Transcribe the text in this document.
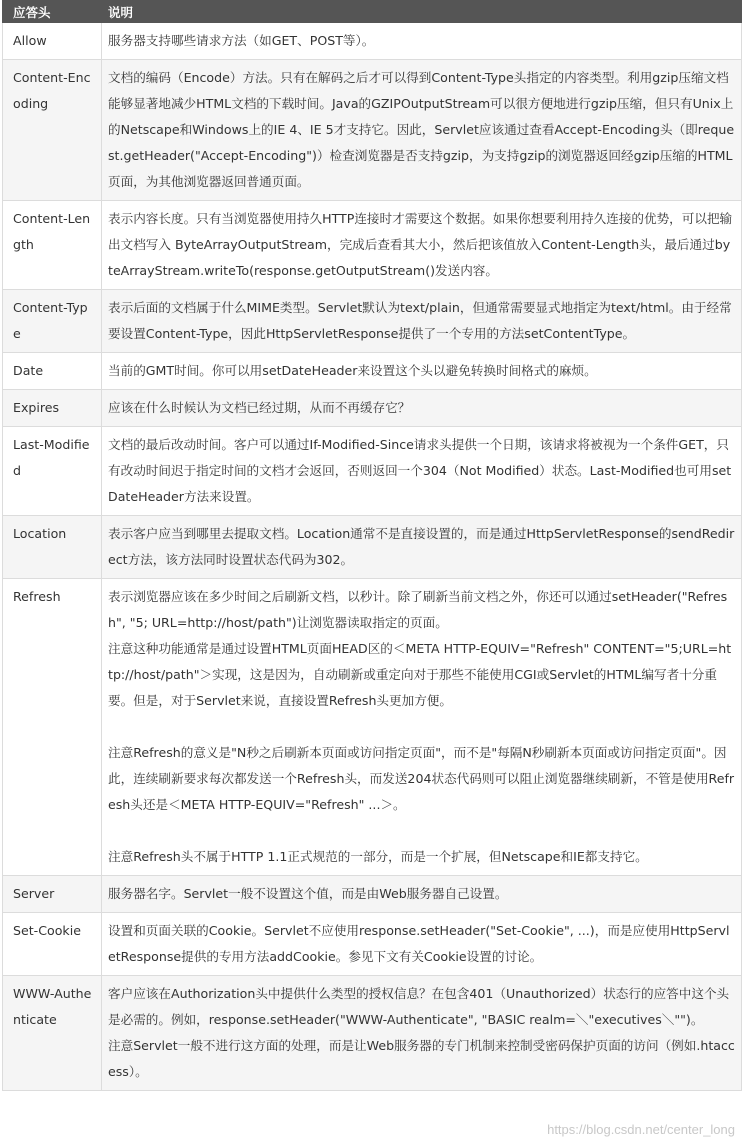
应答头	说明
Allow	服务器支持哪些请求方法（如GET、POST等）。

Content-Encoding	文档的编码（Encode）方法。只有在解码之后才可以得到Content-Type头指定的内容类型。利用gzip压缩文档能够显著地减少HTML文档的下载时间。Java的GZIPOutputStream可以很方便地进行gzip压缩，但只有Unix上的Netscape和Windows上的IE 4、IE 5才支持它。因此，Servlet应该通过查看Accept-Encoding头（即request.getHeader("Accept-Encoding")）检查浏览器是否支持gzip，为支持gzip的浏览器返回经gzip压缩的HTML页面，为其他浏览器返回普通页面。

Content-Length	表示内容长度。只有当浏览器使用持久HTTP连接时才需要这个数据。如果你想要利用持久连接的优势，可以把输出文档写入 ByteArrayOutputStream，完成后查看其大小，然后把该值放入Content-Length头，最后通过byteArrayStream.writeTo(response.getOutputStream()发送内容。

Content-Type	表示后面的文档属于什么MIME类型。Servlet默认为text/plain，但通常需要显式地指定为text/html。由于经常要设置Content-Type，因此HttpServletResponse提供了一个专用的方法setContentType。

Date	当前的GMT时间。你可以用setDateHeader来设置这个头以避免转换时间格式的麻烦。

Expires	应该在什么时候认为文档已经过期，从而不再缓存它？

Last-Modified	文档的最后改动时间。客户可以通过If-Modified-Since请求头提供一个日期，该请求将被视为一个条件GET，只有改动时间迟于指定时间的文档才会返回，否则返回一个304（Not Modified）状态。Last-Modified也可用setDateHeader方法来设置。

Location	表示客户应当到哪里去提取文档。Location通常不是直接设置的，而是通过HttpServletResponse的sendRedirect方法，该方法同时设置状态代码为302。

Refresh	表示浏览器应该在多少时间之后刷新文档，以秒计。除了刷新当前文档之外，你还可以通过setHeader("Refresh", "5; URL=http://host/path")让浏览器读取指定的页面。
注意这种功能通常是通过设置HTML页面HEAD区的＜META HTTP-EQUIV="Refresh" CONTENT="5;URL=http://host/path"＞实现，这是因为，自动刷新或重定向对于那些不能使用CGI或Servlet的HTML编写者十分重要。但是，对于Servlet来说，直接设置Refresh头更加方便。
注意Refresh的意义是"N秒之后刷新本页面或访问指定页面"，而不是"每隔N秒刷新本页面或访问指定页面"。因此，连续刷新要求每次都发送一个Refresh头，而发送204状态代码则可以阻止浏览器继续刷新，不管是使用Refresh头还是＜META HTTP-EQUIV="Refresh" ...＞。
注意Refresh头不属于HTTP 1.1正式规范的一部分，而是一个扩展，但Netscape和IE都支持它。

Server	服务器名字。Servlet一般不设置这个值，而是由Web服务器自己设置。

Set-Cookie	设置和页面关联的Cookie。Servlet不应使用response.setHeader("Set-Cookie", ...)，而是应使用HttpServletResponse提供的专用方法addCookie。参见下文有关Cookie设置的讨论。

WWW-Authenticate	客户应该在Authorization头中提供什么类型的授权信息？在包含401（Unauthorized）状态行的应答中这个头是必需的。例如，response.setHeader("WWW-Authenticate", "BASIC realm=＼"executives＼"")。
注意Servlet一般不进行这方面的处理，而是让Web服务器的专门机制来控制受密码保护页面的访问（例如.htaccess）。
https://blog.csdn.net/center_long
